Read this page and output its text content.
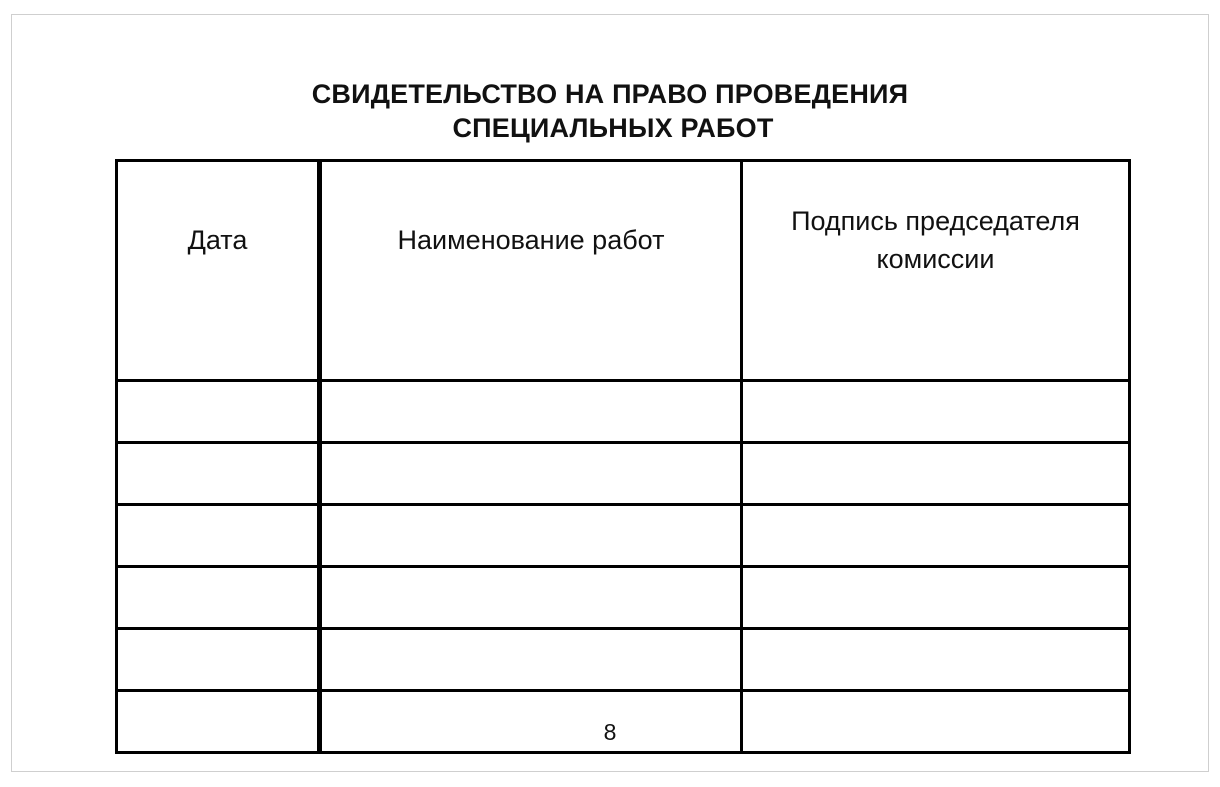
СВИДЕТЕЛЬСТВО НА ПРАВО ПРОВЕДЕНИЯ
СПЕЦИАЛЬНЫХ РАБОТ
Дата	Наименование работ	Подпись председателя
комиссии

8
